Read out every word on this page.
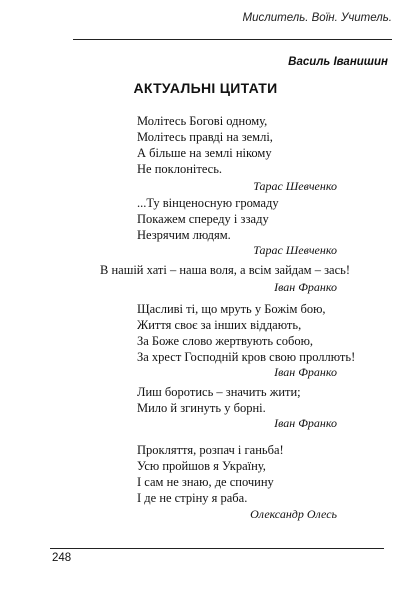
Мислитель. Воїн. Учитель.
Василь Іванишин
АКТУАЛЬНІ ЦИТАТИ
Молітесь Богові одному,
Молітесь правді на землі,
А більше на землі нікому
Не поклонітесь.
Тарас Шевченко
...Ту вінценосную громаду
Покажем спереду і ззаду
Незрячим людям.
Тарас Шевченко
В нашій хаті – наша воля, а всім зайдам – зась!
Іван Франко
Щасливі ті, що мруть у Божім бою,
Життя своє за інших віддають,
За Боже слово жертвують собою,
За хрест Господній кров свою проллють!
Іван Франко
Лиш боротись – значить жити;
Мило й згинуть у борні.
Іван Франко
Прокляття, розпач і ганьба!
Усю пройшов я Україну,
І сам не знаю, де спочину
І де не стріну я раба.
Олександр Олесь
248
